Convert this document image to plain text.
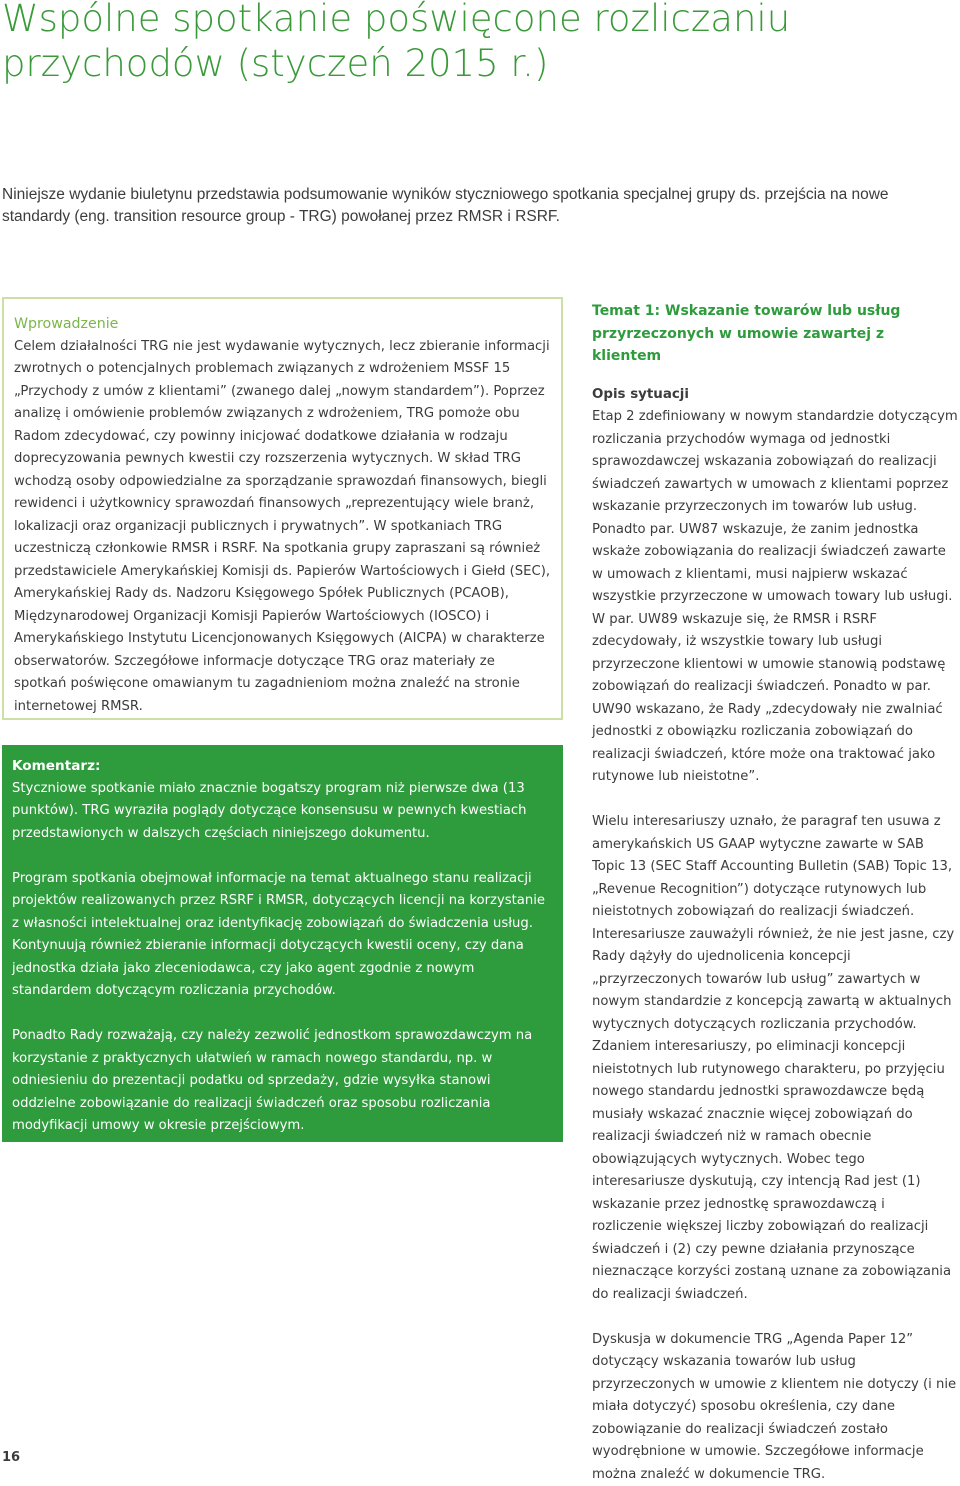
Wspólne spotkanie poświęcone rozliczaniu przychodów (styczeń 2015 r.)

Niniejsze wydanie biuletynu przedstawia podsumowanie wyników styczniowego spotkania specjalnej grupy ds. przejścia na nowe standardy (eng. transition resource group - TRG) powołanej przez RMSR i RSRF.

Wprowadzenie

Celem działalności TRG nie jest wydawanie wytycznych, lecz zbieranie informacji zwrotnych o potencjalnych problemach związanych z wdrożeniem MSSF 15 „Przychody z umów z klientami” (zwanego dalej „nowym standardem”). Poprzez analizę i omówienie problemów związanych z wdrożeniem, TRG pomoże obu Radom zdecydować, czy powinny inicjować dodatkowe działania w rodzaju doprecyzowania pewnych kwestii czy rozszerzenia wytycznych. W skład TRG wchodzą osoby odpowiedzialne za sporządzanie sprawozdań finansowych, biegli rewidenci i użytkownicy sprawozdań finansowych „reprezentujący wiele branż, lokalizacji oraz organizacji publicznych i prywatnych”. W spotkaniach TRG uczestniczą członkowie RMSR i RSRF. Na spotkania grupy zapraszani są również przedstawiciele Amerykańskiej Komisji ds. Papierów Wartościowych i Giełd (SEC), Amerykańskiej Rady ds. Nadzoru Księgowego Spółek Publicznych (PCAOB), Międzynarodowej Organizacji Komisji Papierów Wartościowych (IOSCO) i Amerykańskiego Instytutu Licencjonowanych Księgowych (AICPA) w charakterze obserwatorów. Szczegółowe informacje dotyczące TRG oraz materiały ze spotkań poświęcone omawianym tu zagadnieniom można znaleźć na stronie internetowej RMSR.

Komentarz:

Styczniowe spotkanie miało znacznie bogatszy program niż pierwsze dwa (13 punktów). TRG wyraziła poglądy dotyczące konsensusu w pewnych kwestiach przedstawionych w dalszych częściach niniejszego dokumentu.

Program spotkania obejmował informacje na temat aktualnego stanu realizacji projektów realizowanych przez RSRF i RMSR, dotyczących licencji na korzystanie z własności intelektualnej oraz identyfikację zobowiązań do świadczenia usług. Kontynuują również zbieranie informacji dotyczących kwestii oceny, czy dana jednostka działa jako zleceniodawca, czy jako agent zgodnie z nowym standardem dotyczącym rozliczania przychodów.

Ponadto Rady rozważają, czy należy zezwolić jednostkom sprawozdawczym na korzystanie z praktycznych ułatwień w ramach nowego standardu, np. w odniesieniu do prezentacji podatku od sprzedaży, gdzie wysyłka stanowi oddzielne zobowiązanie do realizacji świadczeń oraz sposobu rozliczania modyfikacji umowy w okresie przejściowym.

Temat 1: Wskazanie towarów lub usług przyrzeczonych w umowie zawartej z klientem
Opis sytuacji

Etap 2 zdefiniowany w nowym standardzie dotyczącym rozliczania przychodów wymaga od jednostki sprawozdawczej wskazania zobowiązań do realizacji świadczeń zawartych w umowach z klientami poprzez wskazanie przyrzeczonych im towarów lub usług. Ponadto par. UW87 wskazuje, że zanim jednostka wskaże zobowiązania do realizacji świadczeń zawarte w umowach z klientami, musi najpierw wskazać wszystkie przyrzeczone w umowach towary lub usługi. W par. UW89 wskazuje się, że RMSR i RSRF zdecydowały, iż wszystkie towary lub usługi przyrzeczone klientowi w umowie stanowią podstawę zobowiązań do realizacji świadczeń. Ponadto w par. UW90 wskazano, że Rady „zdecydowały nie zwalniać jednostki z obowiązku rozliczania zobowiązań do realizacji świadczeń, które może ona traktować jako rutynowe lub nieistotne”.

Wielu interesariuszy uznało, że paragraf ten usuwa z amerykańskich US GAAP wytyczne zawarte w SAB Topic 13 (SEC Staff Accounting Bulletin (SAB) Topic 13, „Revenue Recognition”) dotyczące rutynowych lub nieistotnych zobowiązań do realizacji świadczeń. Interesariusze zauważyli również, że nie jest jasne, czy Rady dążyły do ujednolicenia koncepcji „przyrzeczonych towarów lub usług” zawartych w nowym standardzie z koncepcją zawartą w aktualnych wytycznych dotyczących rozliczania przychodów. Zdaniem interesariuszy, po eliminacji koncepcji nieistotnych lub rutynowego charakteru, po przyjęciu nowego standardu jednostki sprawozdawcze będą musiały wskazać znacznie więcej zobowiązań do realizacji świadczeń niż w ramach obecnie obowiązujących wytycznych. Wobec tego interesariusze dyskutują, czy intencją Rad jest (1) wskazanie przez jednostkę sprawozdawczą i rozliczenie większej liczby zobowiązań do realizacji świadczeń i (2) czy pewne działania przynoszące nieznaczące korzyści zostaną uznane za zobowiązania do realizacji świadczeń.

Dyskusja w dokumencie TRG „Agenda Paper 12” dotyczący wskazania towarów lub usług przyrzeczonych w umowie z klientem nie dotyczy (i nie miała dotyczyć) sposobu określenia, czy dane zobowiązanie do realizacji świadczeń zostało wyodrębnione w umowie. Szczegółowe informacje można znaleźć w dokumencie TRG.

16
